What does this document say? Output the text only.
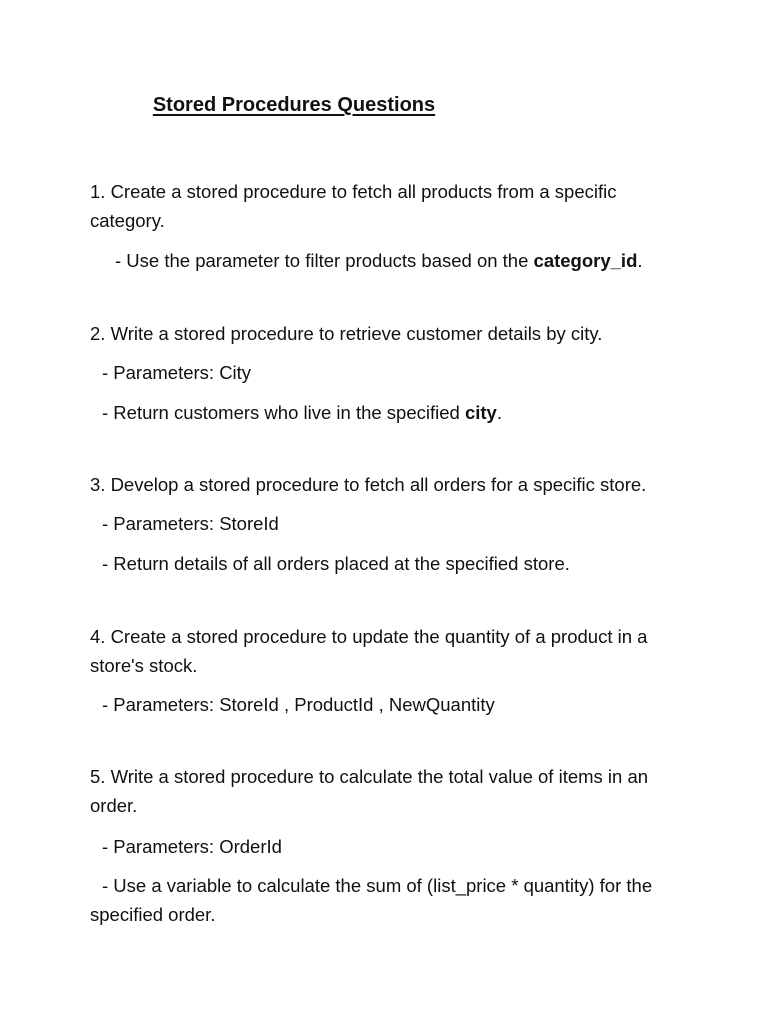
Stored Procedures Questions

1. Create a stored procedure to fetch all products from a specific category.

- Use the parameter to filter products based on the category_id.

2. Write a stored procedure to retrieve customer details by city.

- Parameters: City

- Return customers who live in the specified city.

3. Develop a stored procedure to fetch all orders for a specific store.

- Parameters: StoreId

- Return details of all orders placed at the specified store.

4. Create a stored procedure to update the quantity of a product in a store's stock.

- Parameters: StoreId , ProductId , NewQuantity

5. Write a stored procedure to calculate the total value of items in an order.

- Parameters: OrderId

- Use a variable to calculate the sum of (list_price * quantity) for the specified order.
